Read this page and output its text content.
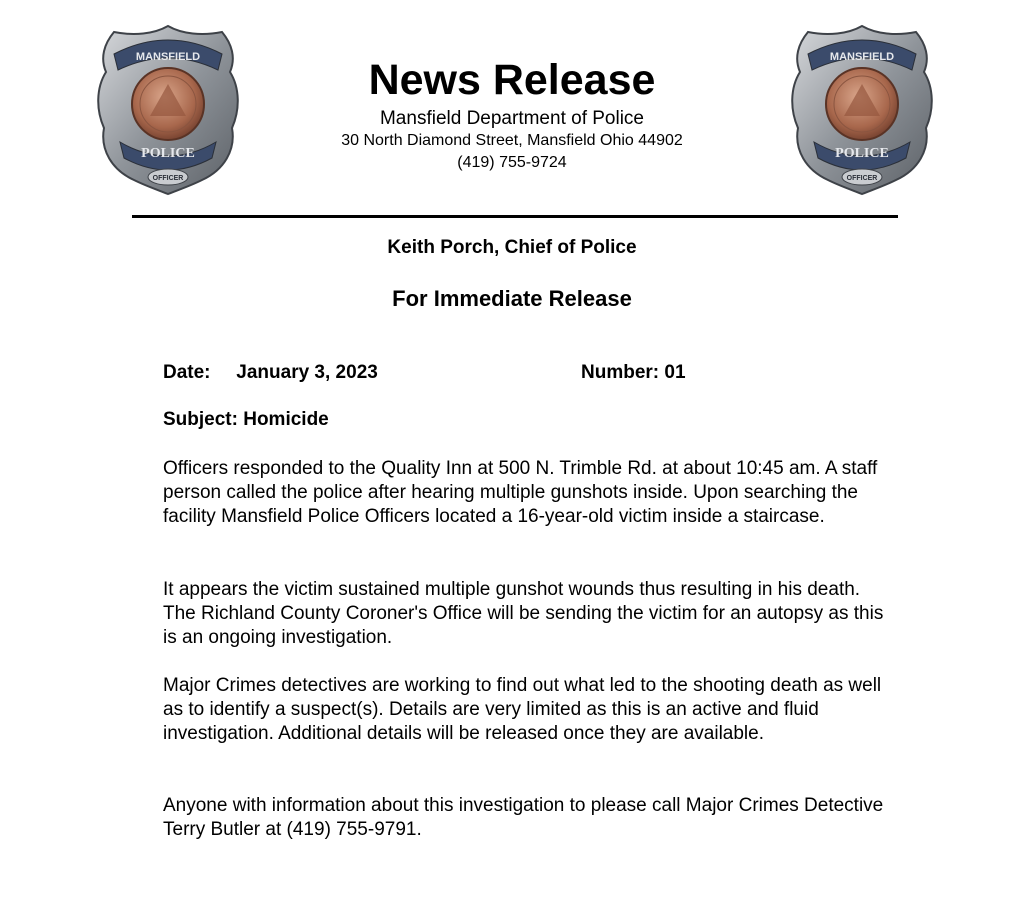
MANSFIELD
POLICE
OFFICER
News Release
Mansfield Department of Police
30 North Diamond Street, Mansfield Ohio 44902
(419) 755-9724
MANSFIELD
POLICE
OFFICER
Keith Porch, Chief of Police
For Immediate Release
Date: January 3, 2023	Number: 01
Subject: Homicide
Officers responded to the Quality Inn at 500 N. Trimble Rd. at about 10:45 am. A staff person called the police after hearing multiple gunshots inside. Upon searching the facility Mansfield Police Officers located a 16-year-old victim inside a staircase.
It appears the victim sustained multiple gunshot wounds thus resulting in his death. The Richland County Coroner's Office will be sending the victim for an autopsy as this is an ongoing investigation.
Major Crimes detectives are working to find out what led to the shooting death as well as to identify a suspect(s). Details are very limited as this is an active and fluid investigation. Additional details will be released once they are available.
Anyone with information about this investigation to please call Major Crimes Detective Terry Butler at (419) 755-9791.
